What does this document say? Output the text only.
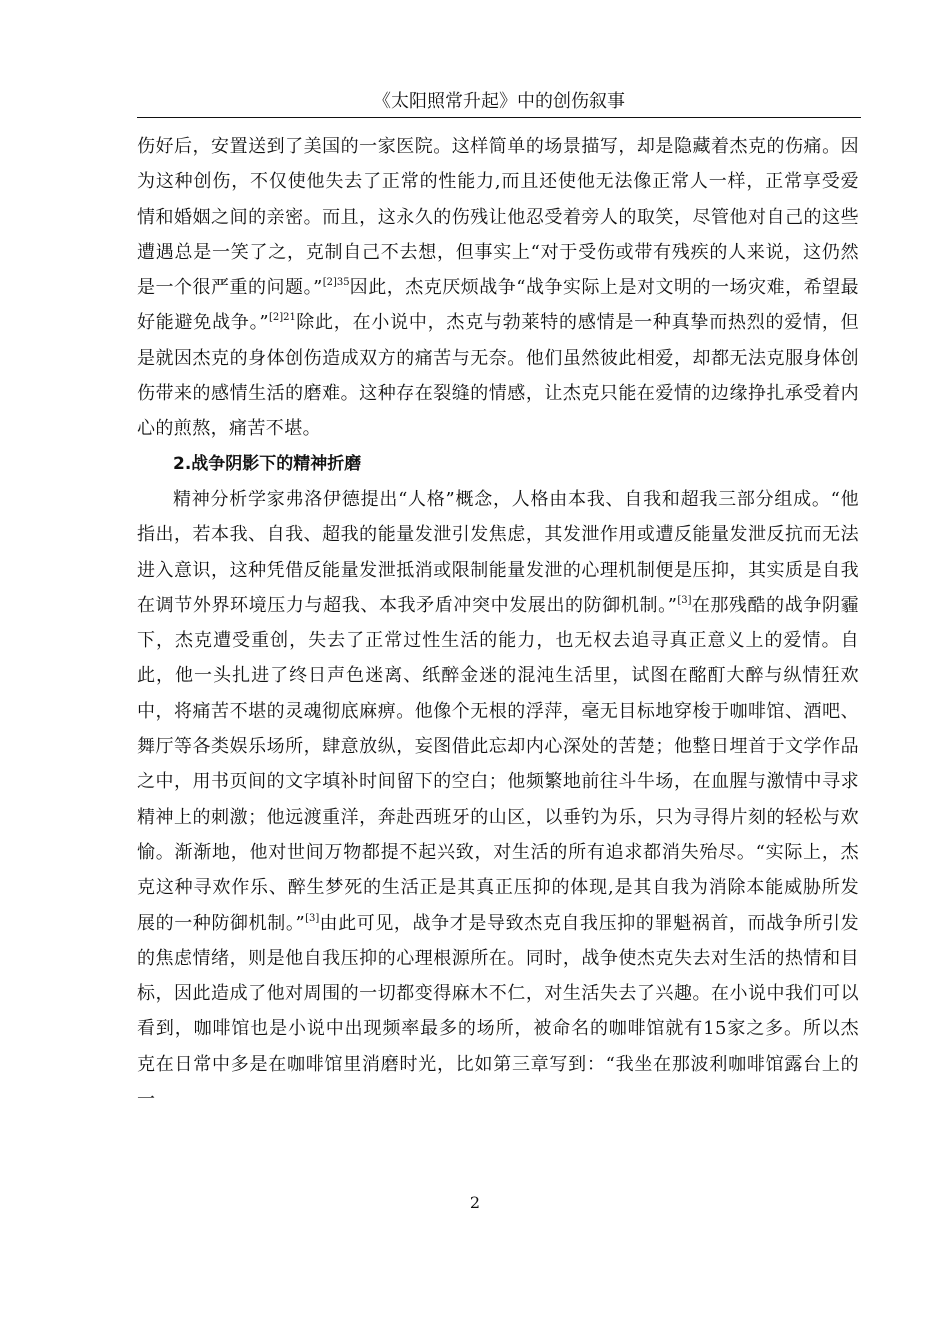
《太阳照常升起》中的创伤叙事

伤好后，安置送到了美国的一家医院。这样简单的场景描写，却是隐藏着杰克的伤痛。因为这种创伤，不仅使他失去了正常的性能力,而且还使他无法像正常人一样，正常享受爱情和婚姻之间的亲密。而且，这永久的伤残让他忍受着旁人的取笑，尽管他对自己的这些遭遇总是一笑了之，克制自己不去想，但事实上“对于受伤或带有残疾的人来说，这仍然是一个很严重的问题。”$^{[2]35}$因此，杰克厌烦战争“战争实际上是对文明的一场灾难，希望最好能避免战争。”$^{[2]21}$除此，在小说中，杰克与勃莱特的感情是一种真挚而热烈的爱情，但是就因杰克的身体创伤造成双方的痛苦与无奈。他们虽然彼此相爱，却都无法克服身体创伤带来的感情生活的磨难。这种存在裂缝的情感，让杰克只能在爱情的边缘挣扎承受着内心的煎熬，痛苦不堪。

2.战争阴影下的精神折磨

精神分析学家弗洛伊德提出“人格”概念，人格由本我、自我和超我三部分组成。“他指出，若本我、自我、超我的能量发泄引发焦虑，其发泄作用或遭反能量发泄反抗而无法进入意识，这种凭借反能量发泄抵消或限制能量发泄的心理机制便是压抑，其实质是自我在调节外界环境压力与超我、本我矛盾冲突中发展出的防御机制。”[3]在那残酷的战争阴霾下，杰克遭受重创，失去了正常过性生活的能力，也无权去追寻真正意义上的爱情。自此，他一头扎进了终日声色迷离、纸醉金迷的混沌生活里，试图在酩酊大醉与纵情狂欢中，将痛苦不堪的灵魂彻底麻痹。他像个无根的浮萍，毫无目标地穿梭于咖啡馆、酒吧、舞厅等各类娱乐场所，肆意放纵，妄图借此忘却内心深处的苦楚；他整日埋首于文学作品之中，用书页间的文字填补时间留下的空白；他频繁地前往斗牛场，在血腥与激情中寻求精神上的刺激；他远渡重洋，奔赴西班牙的山区，以垂钓为乐，只为寻得片刻的轻松与欢愉。渐渐地，他对世间万物都提不起兴致，对生活的所有追求都消失殆尽。“实际上，杰克这种寻欢作乐、醉生梦死的生活正是其真正压抑的体现,是其自我为消除本能威胁所发展的一种防御机制。”[3]由此可见，战争才是导致杰克自我压抑的罪魁祸首，而战争所引发的焦虑情绪，则是他自我压抑的心理根源所在。同时，战争使杰克失去对生活的热情和目标，因此造成了他对周围的一切都变得麻木不仁，对生活失去了兴趣。在小说中我们可以看到，咖啡馆也是小说中出现频率最多的场所，被命名的咖啡馆就有15家之多。所以杰克在日常中多是在咖啡馆里消磨时光，比如第三章写到：“我坐在那波利咖啡馆露台上的一

2
